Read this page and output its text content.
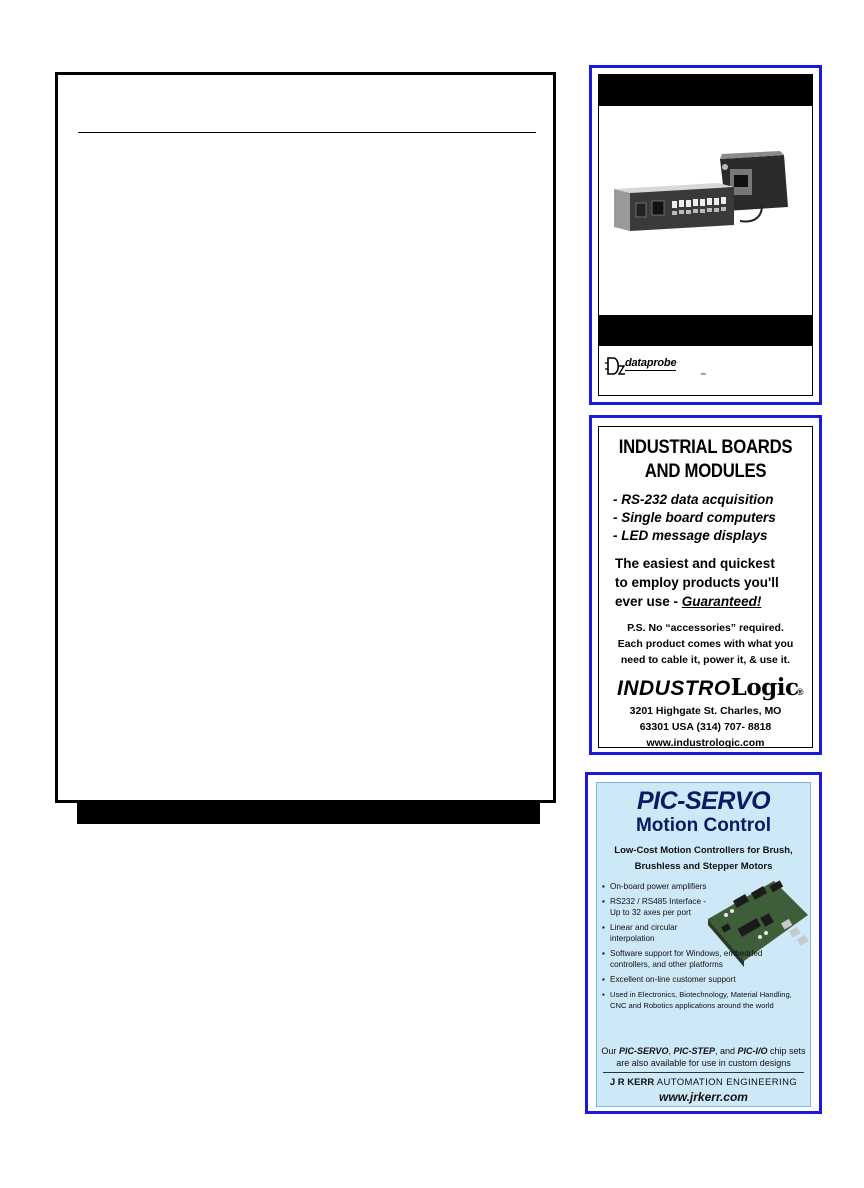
dataprobe
inc
INDUSTRIAL BOARDS
AND MODULES
- RS-232 data acquisition
- Single board computers
- LED message displays
The easiest and quickest
to employ products you'll
ever use - Guaranteed!
P.S. No “accessories” required.
Each product comes with what you
need to cable it, power it, & use it.
INDUSTROLogic
®
3201 Highgate St. Charles, MO
63301 USA (314) 707- 8818
www.industrologic.com
PIC-SERVO
Motion Control
Low-Cost Motion Controllers for Brush,
Brushless and Stepper Motors
▪ On-board power amplifiers
▪ RS232 / RS485 Interface - Up to 32 axes per port
▪ Linear and circular interpolation
▪ Software support for Windows, embedded controllers, and other platforms
▪ Excellent on-line customer support
▪ Used in Electronics, Biotechnology, Material Handling, CNC and Robotics applications around the world
Our PIC-SERVO, PIC-STEP, and PIC-I/O chip sets are also available for use in custom designs
J R KERR AUTOMATION ENGINEERING
www.jrkerr.com
